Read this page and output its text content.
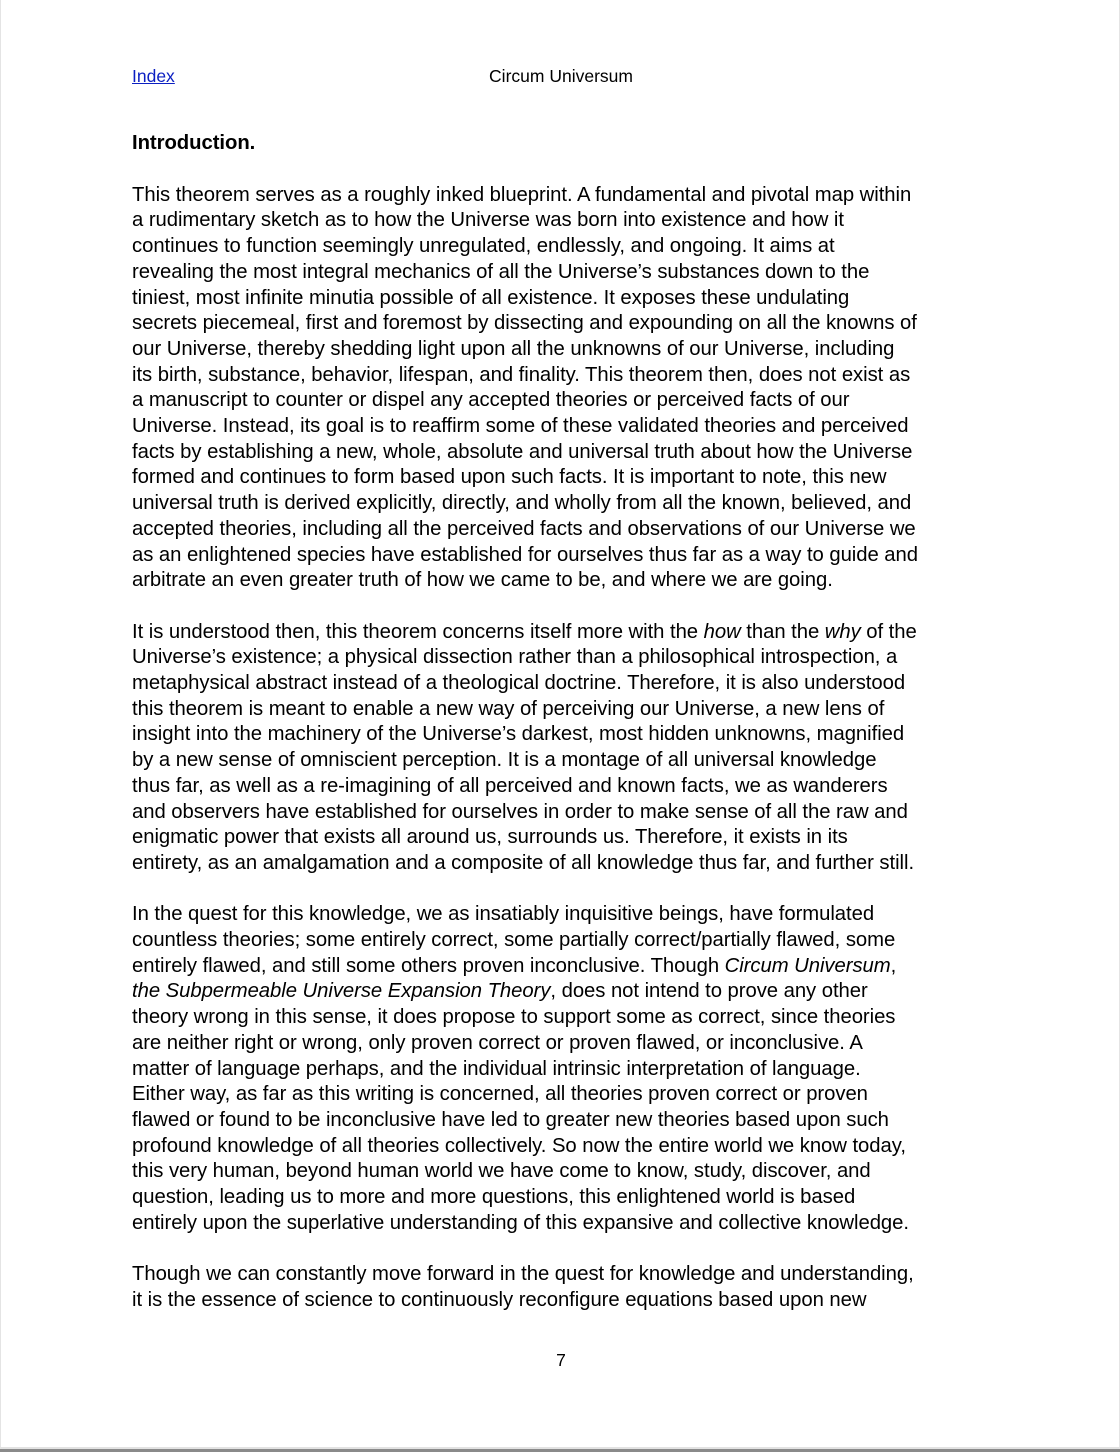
Index	Circum Universum
Introduction.

This theorem serves as a roughly inked blueprint. A fundamental and pivotal map within
a rudimentary sketch as to how the Universe was born into existence and how it
continues to function seemingly unregulated, endlessly, and ongoing. It aims at
revealing the most integral mechanics of all the Universe’s substances down to the
tiniest, most infinite minutia possible of all existence. It exposes these undulating
secrets piecemeal, first and foremost by dissecting and expounding on all the knowns of
our Universe, thereby shedding light upon all the unknowns of our Universe, including
its birth, substance, behavior, lifespan, and finality. This theorem then, does not exist as
a manuscript to counter or dispel any accepted theories or perceived facts of our
Universe. Instead, its goal is to reaffirm some of these validated theories and perceived
facts by establishing a new, whole, absolute and universal truth about how the Universe
formed and continues to form based upon such facts. It is important to note, this new
universal truth is derived explicitly, directly, and wholly from all the known, believed, and
accepted theories, including all the perceived facts and observations of our Universe we
as an enlightened species have established for ourselves thus far as a way to guide and
arbitrate an even greater truth of how we came to be, and where we are going.

It is understood then, this theorem concerns itself more with the how than the why of the
Universe’s existence; a physical dissection rather than a philosophical introspection, a
metaphysical abstract instead of a theological doctrine. Therefore, it is also understood
this theorem is meant to enable a new way of perceiving our Universe, a new lens of
insight into the machinery of the Universe’s darkest, most hidden unknowns, magnified
by a new sense of omniscient perception. It is a montage of all universal knowledge
thus far, as well as a re-imagining of all perceived and known facts, we as wanderers
and observers have established for ourselves in order to make sense of all the raw and
enigmatic power that exists all around us, surrounds us. Therefore, it exists in its
entirety, as an amalgamation and a composite of all knowledge thus far, and further still.

In the quest for this knowledge, we as insatiably inquisitive beings, have formulated
countless theories; some entirely correct, some partially correct/partially flawed, some
entirely flawed, and still some others proven inconclusive. Though Circum Universum,
the Subpermeable Universe Expansion Theory, does not intend to prove any other
theory wrong in this sense, it does propose to support some as correct, since theories
are neither right or wrong, only proven correct or proven flawed, or inconclusive. A
matter of language perhaps, and the individual intrinsic interpretation of language.
Either way, as far as this writing is concerned, all theories proven correct or proven
flawed or found to be inconclusive have led to greater new theories based upon such
profound knowledge of all theories collectively. So now the entire world we know today,
this very human, beyond human world we have come to know, study, discover, and
question, leading us to more and more questions, this enlightened world is based
entirely upon the superlative understanding of this expansive and collective knowledge.

Though we can constantly move forward in the quest for knowledge and understanding,
it is the essence of science to continuously reconfigure equations based upon new

7
